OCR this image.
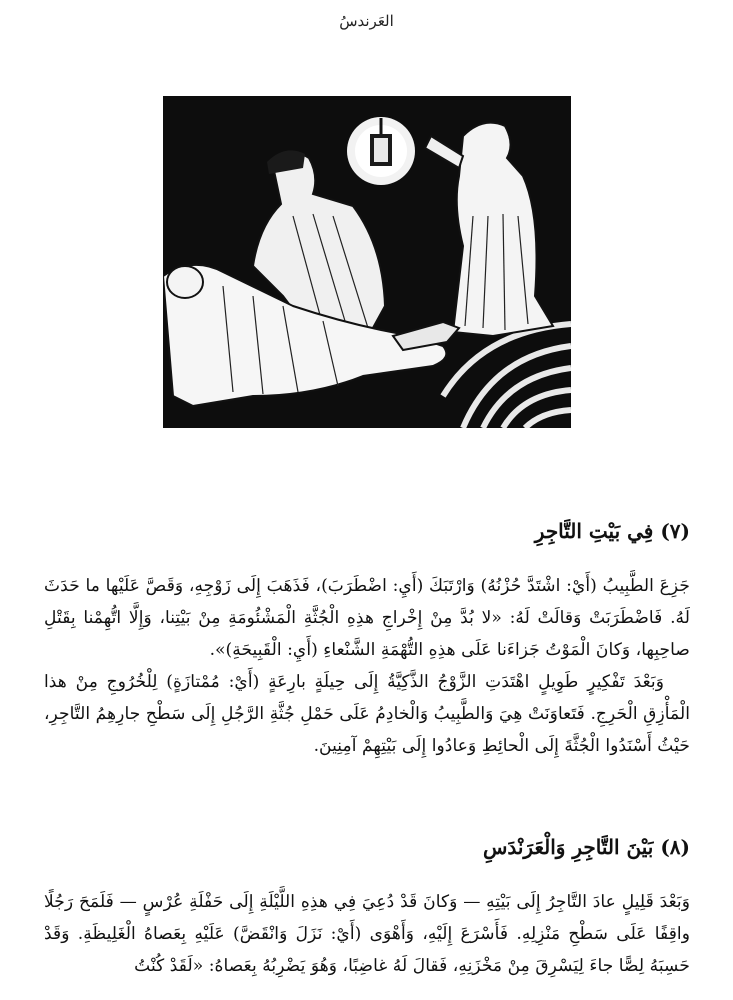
العَرندسُ
(٧) فِي بَيْتِ التَّاجِرِ

جَزِعَ الطَّبِيبُ (أَيْ: اشْتَدَّ حُزْنُهُ) وَارْتَبَكَ (أَيِ: اضْطَرَبَ)، فَذَهَبَ إِلَى زَوْجِهِ، وَقَصَّ عَلَيْها ما حَدَثَ لَهُ. فَاضْطَرَبَتْ وَقالَتْ لَهُ: «لا بُدَّ مِنْ إِخْراجِ هذِهِ الْجُثَّةِ الْمَشْئُومَةِ مِنْ بَيْتِنا، وَإِلَّا اتُّهِمْنا بِقَتْلِ صاحِبِها، وَكانَ الْمَوْتُ جَزاءَنا عَلَى هذِهِ التُّهْمَةِ الشَّنْعاءِ (أَيِ: الْقَبِيحَةِ)».

وَبَعْدَ تَفْكِيرٍ طَوِيلٍ اهْتَدَتِ الزَّوْجُ الذَّكِيَّةُ إِلَى حِيلَةٍ بارِعَةٍ (أَيْ: مُمْتازَةٍ) لِلْخُرُوجِ مِنْ هذا الْمَأْزِقِ الْحَرِجِ. فَتَعاوَنَتْ هِيَ وَالطَّبِيبُ وَالْخادِمُ عَلَى حَمْلِ جُثَّةِ الرَّجُلِ إِلَى سَطْحِ جارِهِمُ التَّاجِرِ، حَيْثُ أَسْنَدُوا الْجُثَّةَ إِلَى الْحائِطِ وَعادُوا إِلَى بَيْتِهِمْ آمِنِينَ.

(٨) بَيْنَ التَّاجِرِ وَالْعَرَنْدَسِ

وَبَعْدَ قَلِيلٍ عادَ التَّاجِرُ إِلَى بَيْتِهِ — وَكانَ قَدْ دُعِيَ فِي هذِهِ اللَّيْلَةِ إِلَى حَفْلَةِ عُرْسٍ — فَلَمَحَ رَجُلًا واقِفًا عَلَى سَطْحِ مَنْزِلِهِ. فَأَسْرَعَ إِلَيْهِ، وَأَهْوَى (أَيْ: نَزَلَ وَانْقَضَّ) عَلَيْهِ بِعَصاهُ الْغَلِيظَةِ. وَقَدْ حَسِبَهُ لِصًّا جاءَ لِيَسْرِقَ مِنْ مَخْزَنِهِ، فَقالَ لَهُ غاضِبًا، وَهُوَ يَضْرِبُهُ بِعَصاهُ: «لَقَدْ كُنْتُ
